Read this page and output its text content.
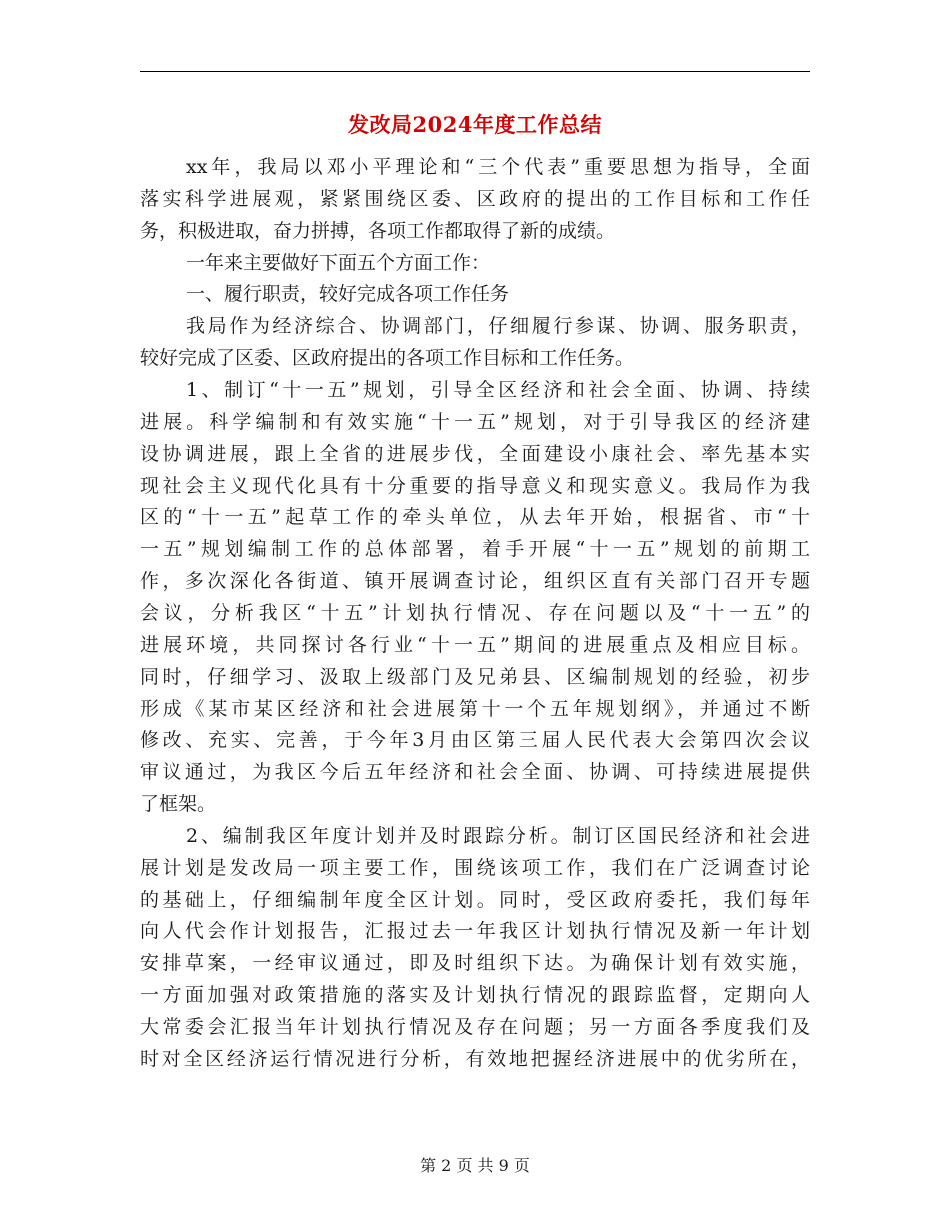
发改局2024年度工作总结
xx年，我局以邓小平理论和“三个代表”重要思想为指导，全面
落实科学进展观，紧紧围绕区委、区政府的提出的工作目标和工作任
务，积极进取，奋力拼搏，各项工作都取得了新的成绩。
一年来主要做好下面五个方面工作：
一、履行职责，较好完成各项工作任务
我局作为经济综合、协调部门，仔细履行参谋、协调、服务职责，
较好完成了区委、区政府提出的各项工作目标和工作任务。
1、制订“十一五”规划，引导全区经济和社会全面、协调、持续
进展。科学编制和有效实施“十一五”规划，对于引导我区的经济建
设协调进展，跟上全省的进展步伐，全面建设小康社会、率先基本实
现社会主义现代化具有十分重要的指导意义和现实意义。我局作为我
区的“十一五”起草工作的牵头单位，从去年开始，根据省、市“十
一五”规划编制工作的总体部署，着手开展“十一五”规划的前期工
作，多次深化各街道、镇开展调查讨论，组织区直有关部门召开专题
会议，分析我区“十五”计划执行情况、存在问题以及“十一五”的
进展环境，共同探讨各行业“十一五”期间的进展重点及相应目标。
同时，仔细学习、汲取上级部门及兄弟县、区编制规划的经验，初步
形成《某市某区经济和社会进展第十一个五年规划纲》，并通过不断
修改、充实、完善，于今年3月由区第三届人民代表大会第四次会议
审议通过，为我区今后五年经济和社会全面、协调、可持续进展提供
了框架。
2、编制我区年度计划并及时跟踪分析。制订区国民经济和社会进
展计划是发改局一项主要工作，围绕该项工作，我们在广泛调查讨论
的基础上，仔细编制年度全区计划。同时，受区政府委托，我们每年
向人代会作计划报告，汇报过去一年我区计划执行情况及新一年计划
安排草案，一经审议通过，即及时组织下达。为确保计划有效实施，
一方面加强对政策措施的落实及计划执行情况的跟踪监督，定期向人
大常委会汇报当年计划执行情况及存在问题；另一方面各季度我们及
时对全区经济运行情况进行分析，有效地把握经济进展中的优劣所在，
第 2 页 共 9 页
